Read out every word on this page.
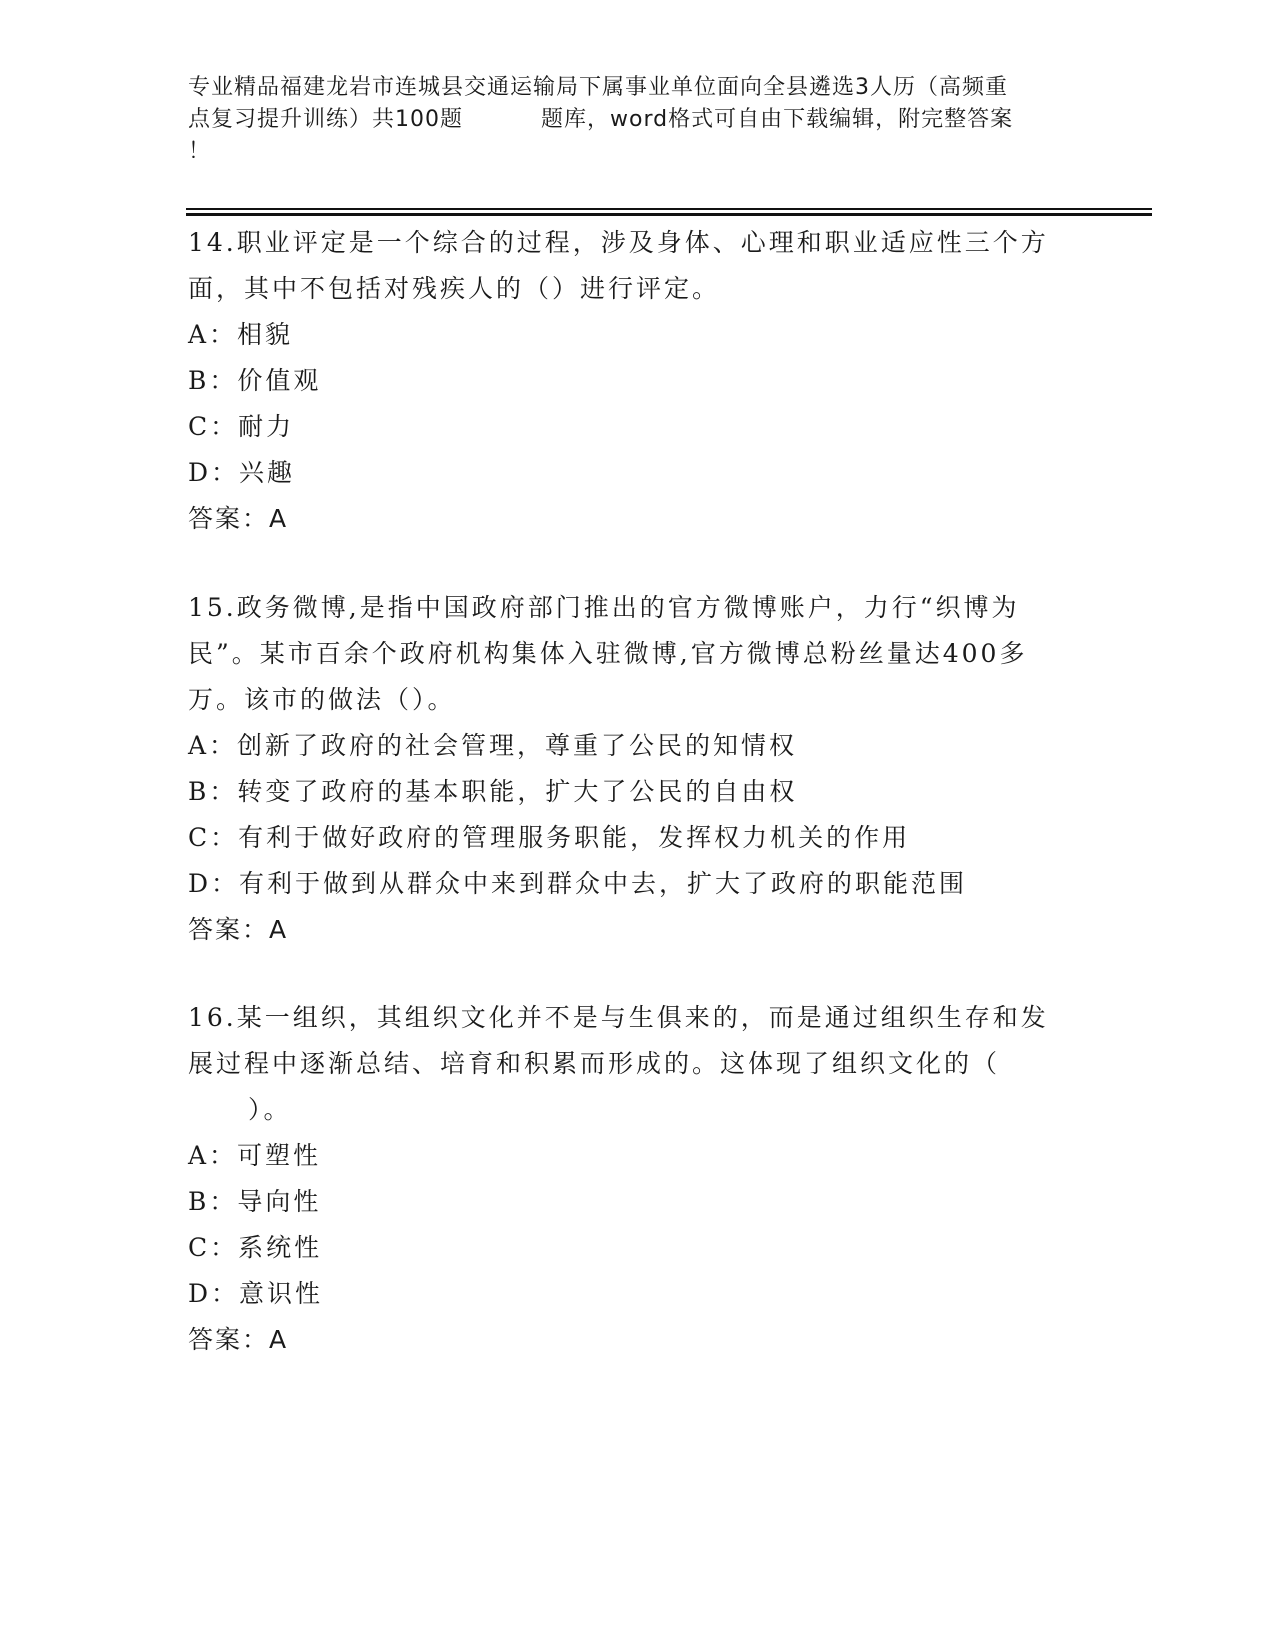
专业精品福建龙岩市连城县交通运输局下属事业单位面向全县遴选3人历（高频重
点复习提升训练）共100题	题库，word格式可自由下载编辑，附完整答案
！
14.职业评定是一个综合的过程，涉及身体、心理和职业适应性三个方
面，其中不包括对残疾人的（）进行评定。
A：相貌
B：价值观
C：耐力
D：兴趣
答案：A
15.政务微博,是指中国政府部门推出的官方微博账户，力行“织博为
民”。某市百余个政府机构集体入驻微博,官方微博总粉丝量达400多
万。该市的做法（）。
A：创新了政府的社会管理，尊重了公民的知情权
B：转变了政府的基本职能，扩大了公民的自由权
C：有利于做好政府的管理服务职能，发挥权力机关的作用
D：有利于做到从群众中来到群众中去，扩大了政府的职能范围
答案：A
16.某一组织，其组织文化并不是与生俱来的，而是通过组织生存和发
展过程中逐渐总结、培育和积累而形成的。这体现了组织文化的（
）。
A：可塑性
B：导向性
C：系统性
D：意识性
答案：A
